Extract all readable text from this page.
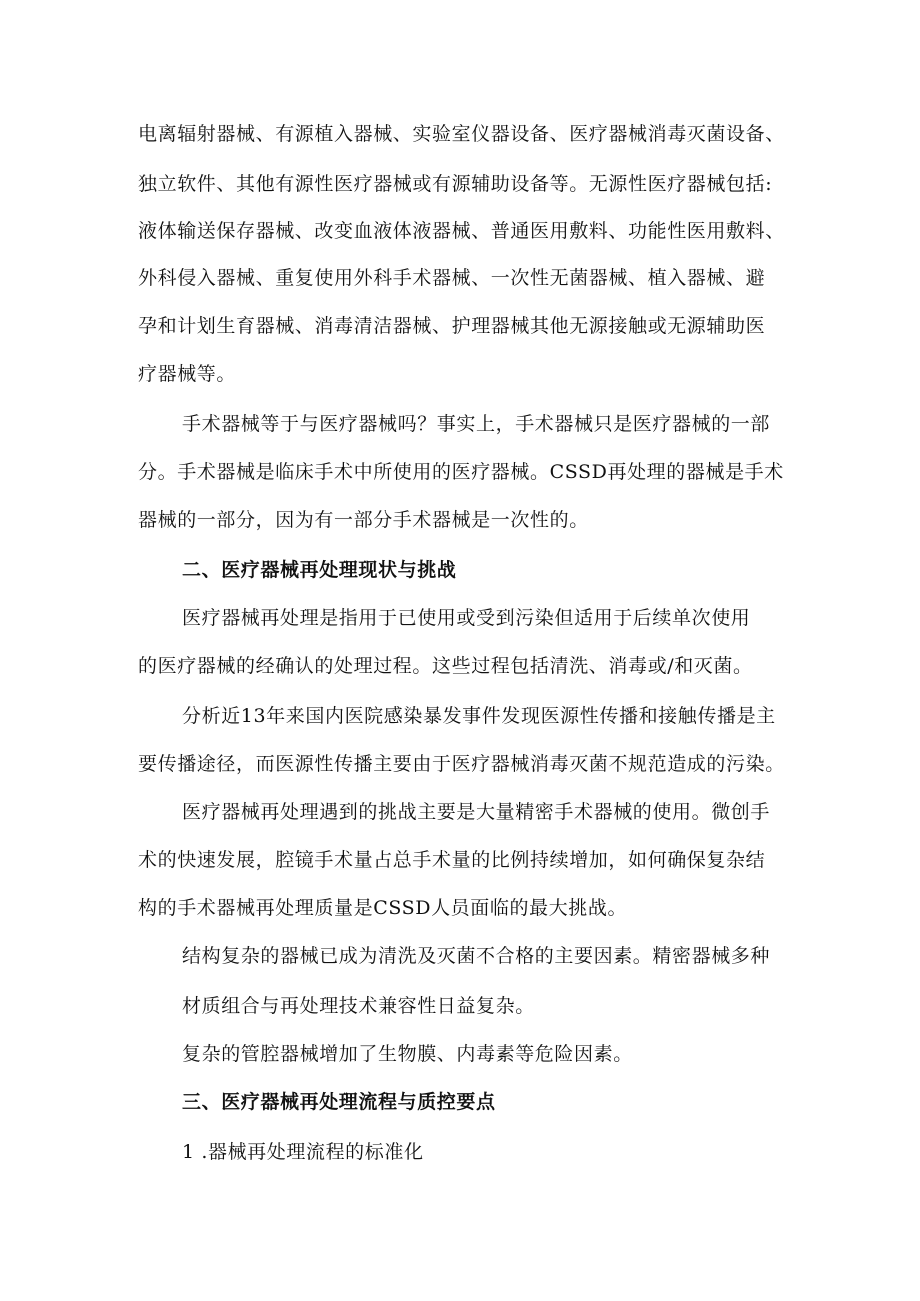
电离辐射器械、有源植入器械、实验室仪器设备、医疗器械消毒灭菌设备、
独立软件、其他有源性医疗器械或有源辅助设备等。无源性医疗器械包括:
液体输送保存器械、改变血液体液器械、普通医用敷料、功能性医用敷料、
外科侵入器械、重复使用外科手术器械、一次性无菌器械、植入器械、避
孕和计划生育器械、消毒清洁器械、护理器械其他无源接触或无源辅助医
疗器械等。
手术器械等于与医疗器械吗？事实上，手术器械只是医疗器械的一部
分。手术器械是临床手术中所使用的医疗器械。CSSD再处理的器械是手术
器械的一部分，因为有一部分手术器械是一次性的。
二、医疗器械再处理现状与挑战
医疗器械再处理是指用于已使用或受到污染但适用于后续单次使用
的医疗器械的经确认的处理过程。这些过程包括清洗、消毒或/和灭菌。
分析近13年来国内医院感染暴发事件发现医源性传播和接触传播是主
要传播途径，而医源性传播主要由于医疗器械消毒灭菌不规范造成的污染。
医疗器械再处理遇到的挑战主要是大量精密手术器械的使用。微创手
术的快速发展，腔镜手术量占总手术量的比例持续增加，如何确保复杂结
构的手术器械再处理质量是CSSD人员面临的最大挑战。
结构复杂的器械已成为清洗及灭菌不合格的主要因素。精密器械多种
材质组合与再处理技术兼容性日益复杂。
复杂的管腔器械增加了生物膜、内毒素等危险因素。
三、医疗器械再处理流程与质控要点
1 .器械再处理流程的标准化
